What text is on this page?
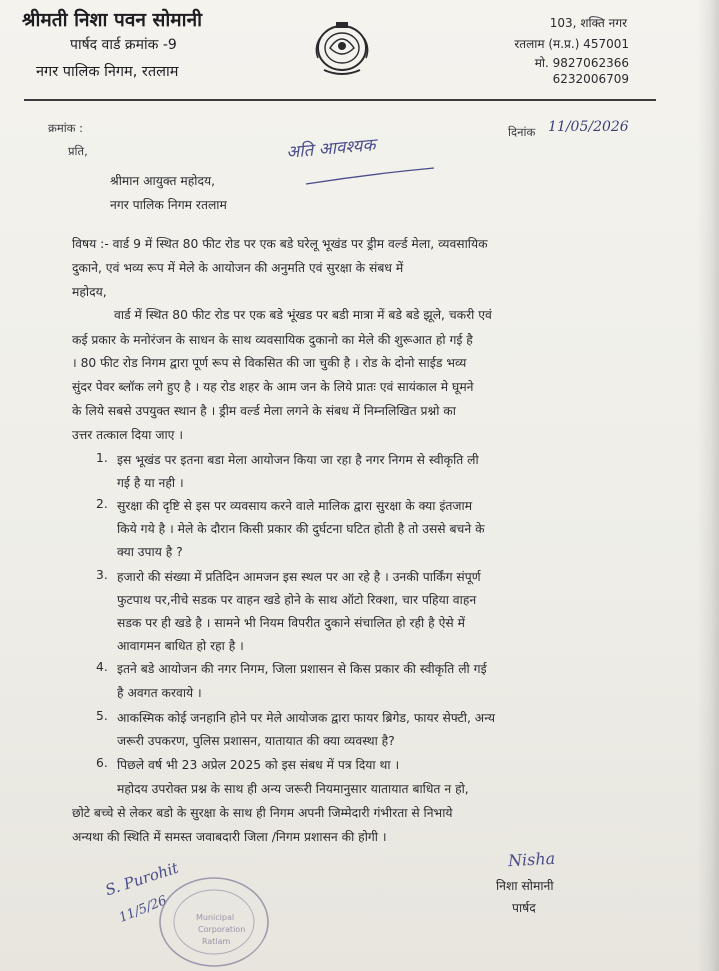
श्रीमती निशा पवन सोमानी
पार्षद वार्ड क्रमांक -9
नगर पालिक निगम, रतलाम
103, शक्ति नगर
रतलाम (म.प्र.) 457001
मो. 9827062366
6232006709
क्रमांक :
प्रति,
दिनांक 11/05/2026
अति आवश्यक
श्रीमान आयुक्त महोदय,
नगर पालिक निगम रतलाम
विषय :- वार्ड 9 में स्थित 80 फीट रोड पर एक बडे घरेलू भूखंड पर ड्रीम वर्ल्ड मेला, व्यवसायिक
दुकाने, एवं भव्य रूप में मेले के आयोजन की अनुमति एवं सुरक्षा के संबध में
महोदय,
वार्ड में स्थित 80 फीट रोड पर एक बडे भूंखड पर बडी मात्रा में बडे बडे झूले, चकरी एवं
कई प्रकार के मनोरंजन के साधन के साथ व्यवसायिक दुकानो का मेले की शुरूआत हो गई है
। 80 फीट रोड निगम द्वारा पूर्ण रूप से विकसित की जा चुकी है । रोड के दोनो साईड भव्य
सुंदर पेवर ब्लॉक लगे हुए है । यह रोड शहर के आम जन के लिये प्रातः एवं सायंकाल मे घूमने
के लिये सबसे उपयुक्त स्थान है । ड्रीम वर्ल्ड मेला लगने के संबध में निम्नलिखित प्रश्नो का
उत्तर तत्काल दिया जाए ।
1. इस भूखंड पर इतना बडा मेला आयोजन किया जा रहा है नगर निगम से स्वीकृति ली
गई है या नही ।
2. सुरक्षा की दृष्टि से इस पर व्यवसाय करने वाले मालिक द्वारा सुरक्षा के क्या इंतजाम
किये गये है । मेले के दौरान किसी प्रकार की दुर्घटना घटित होती है तो उससे बचने के
क्या उपाय है ?
3. हजारो की संख्या में प्रतिदिन आमजन इस स्थल पर आ रहे है । उनकी पार्किंग संपूर्ण
फुटपाथ पर,नीचे सडक पर वाहन खडे होने के साथ ऑटो रिक्शा, चार पहिया वाहन
सडक पर ही खडे है । सामने भी नियम विपरीत दुकाने संचालित हो रही है ऐसे में
आवागमन बाधित हो रहा है ।
4. इतने बडे आयोजन की नगर निगम, जिला प्रशासन से किस प्रकार की स्वीकृति ली गई
है अवगत करवाये ।
5. आकस्मिक कोई जनहानि होने पर मेले आयोजक द्वारा फायर ब्रिगेड, फायर सेफ्टी, अन्य
जरूरी उपकरण, पुलिस प्रशासन, यातायात की क्या व्यवस्था है?
6. पिछले वर्ष भी 23 अप्रेल 2025 को इस संबध में पत्र दिया था ।
महोदय उपरोक्त प्रश्न के साथ ही अन्य जरूरी नियमानुसार यातायात बाधित न हो,
छोटे बच्चे से लेकर बडो के सुरक्षा के साथ ही निगम अपनी जिम्मेदारी गंभीरता से निभाये
अन्यथा की स्थिति में समस्त जवाबदारी जिला /निगम प्रशासन की होगी ।
Nisha
निशा सोमानी
पार्षद
S. Purohit
11/5/26	Municipal
Corporation
Ratlam
